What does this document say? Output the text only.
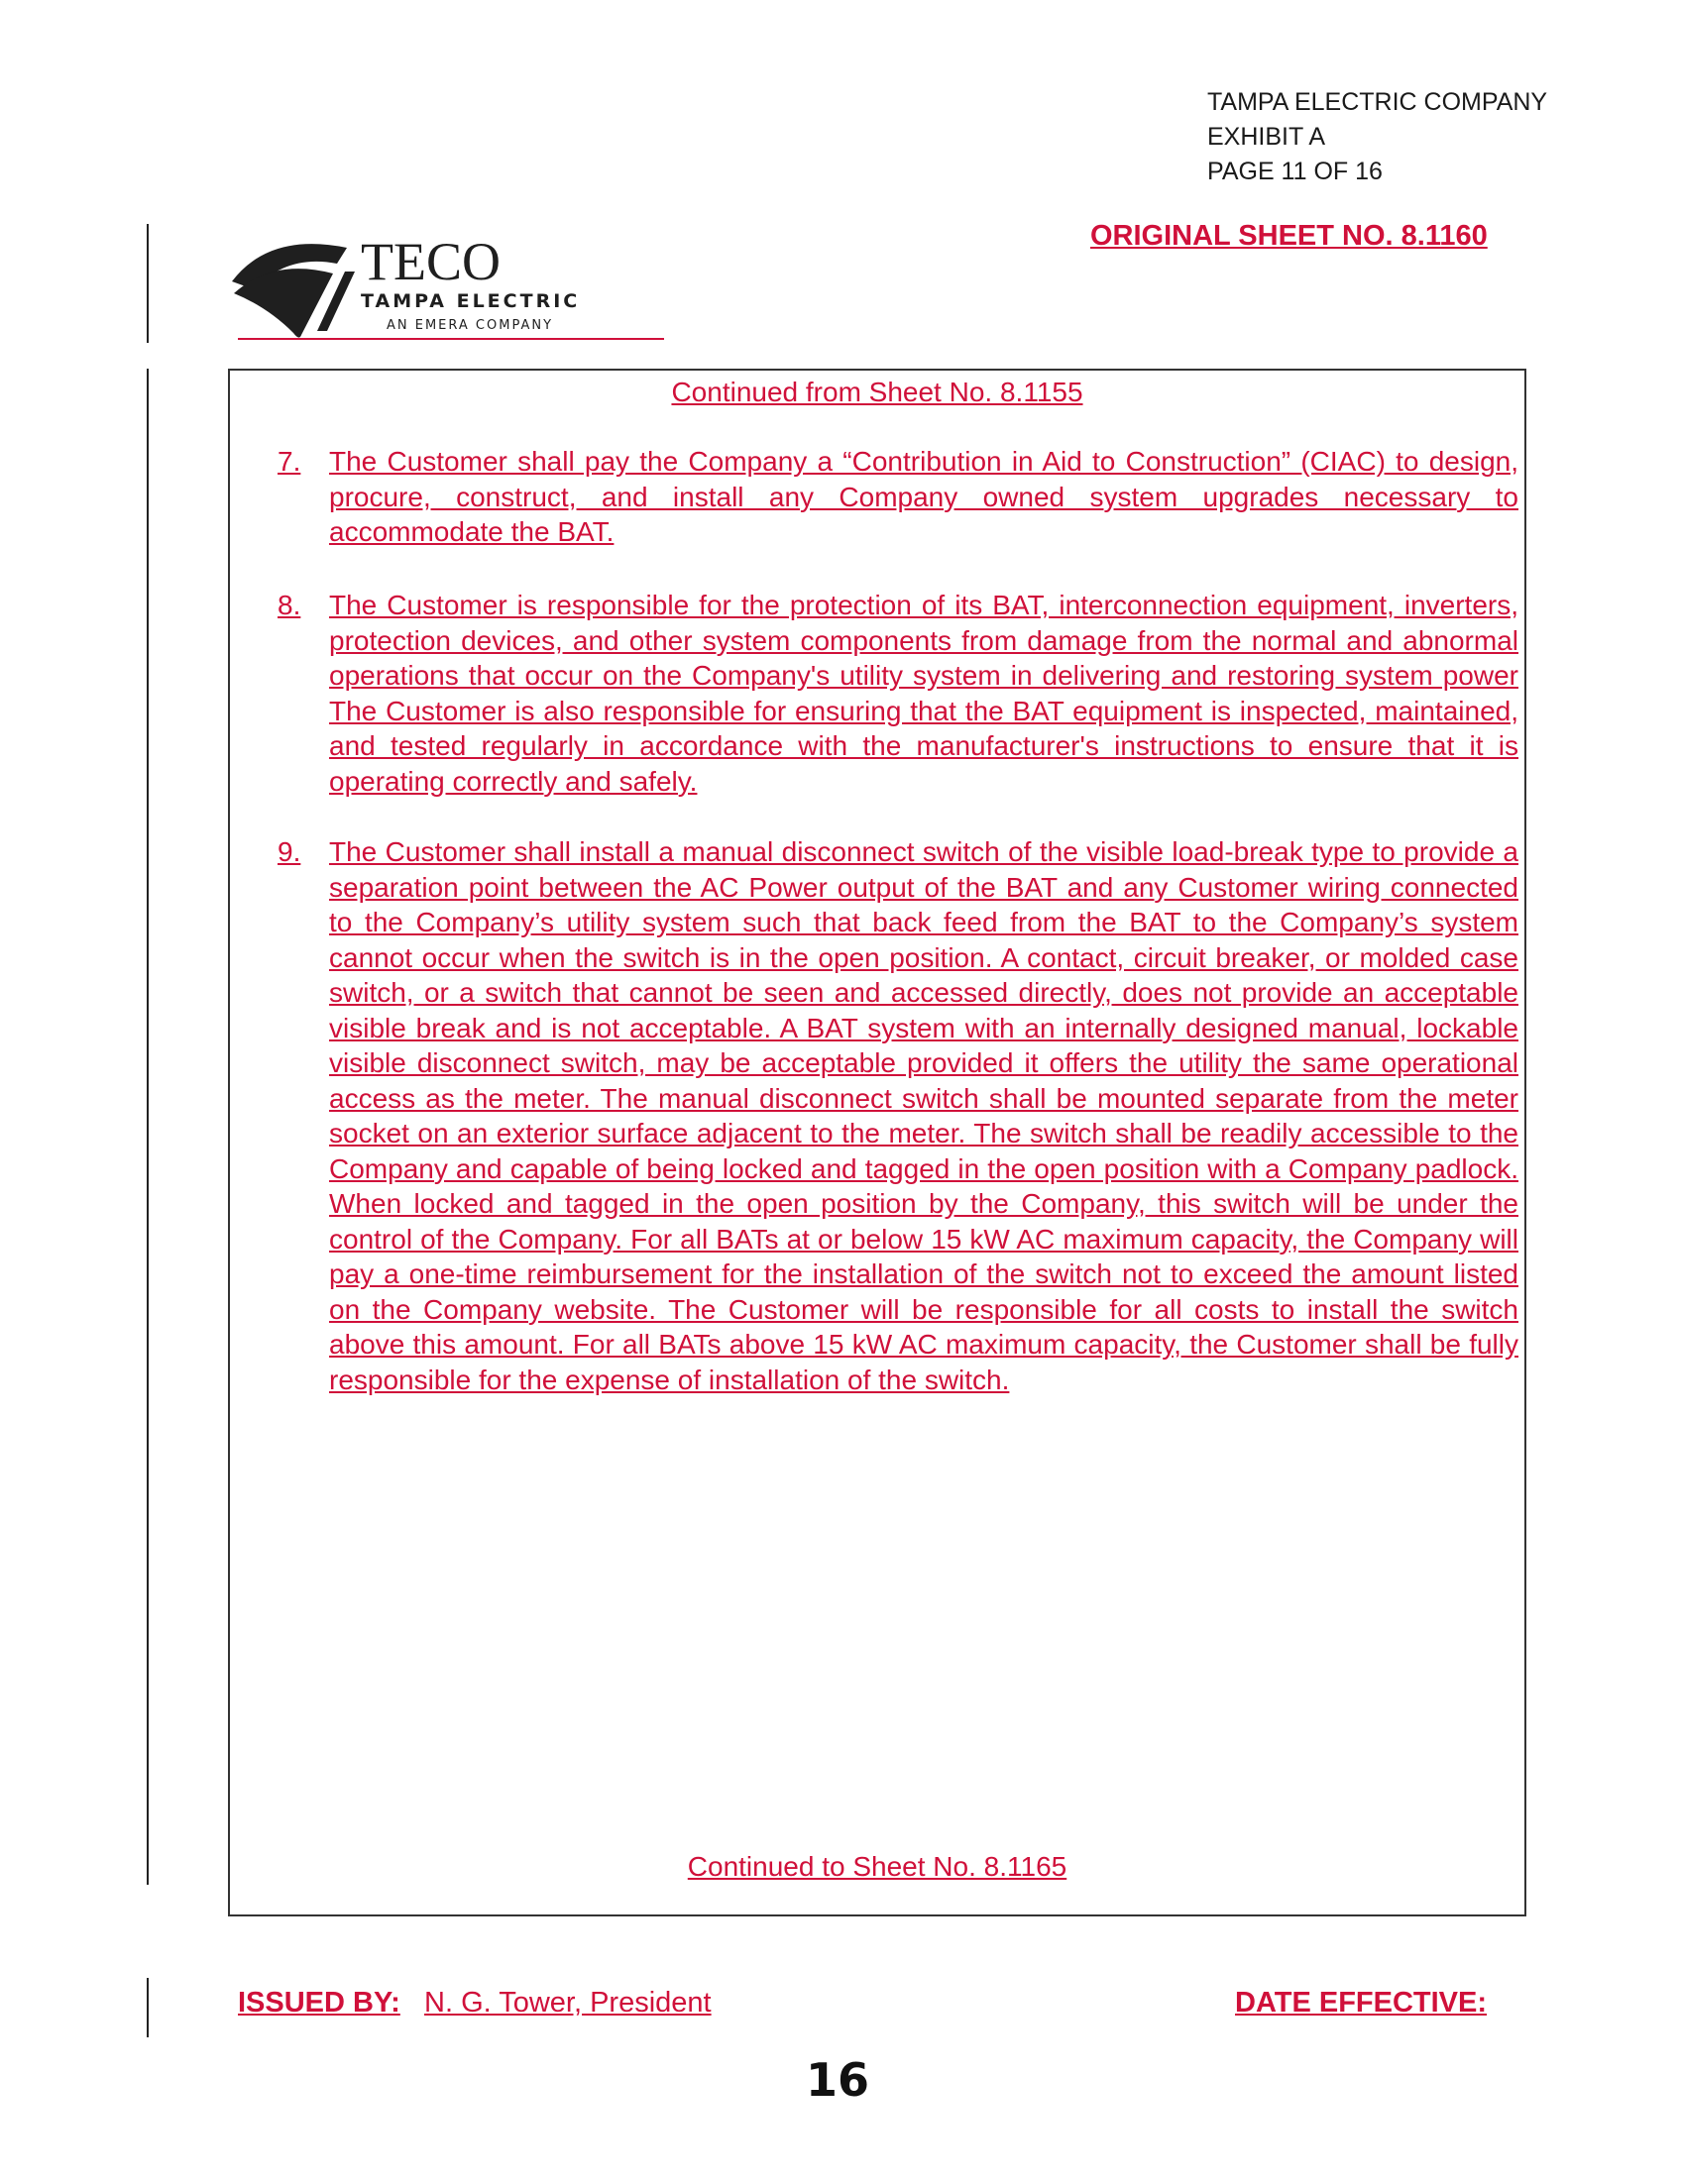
TAMPA ELECTRIC COMPANY
EXHIBIT A
PAGE 11 OF 16
ORIGINAL SHEET NO. 8.1160
TECO
TAMPA ELECTRIC
AN EMERA COMPANY
Continued from Sheet No. 8.1155
7.	The Customer shall pay the Company a “Contribution in Aid to Construction” (CIAC) to design, procure, construct, and install any Company owned system upgrades necessary to accommodate the BAT.
8.	The Customer is responsible for the protection of its BAT, interconnection equipment, inverters, protection devices, and other system components from damage from the normal and abnormal operations that occur on the Company's utility system in delivering and restoring system power The Customer is also responsible for ensuring that the BAT equipment is inspected, maintained, and tested regularly in accordance with the manufacturer's instructions to ensure that it is operating correctly and safely.
9.	The Customer shall install a manual disconnect switch of the visible load-break type to provide a separation point between the AC Power output of the BAT and any Customer wiring connected to the Company’s utility system such that back feed from the BAT to the Company’s system cannot occur when the switch is in the open position. A contact, circuit breaker, or molded case switch, or a switch that cannot be seen and accessed directly, does not provide an acceptable visible break and is not acceptable. A BAT system with an internally designed manual, lockable visible disconnect switch, may be acceptable provided it offers the utility the same operational access as the meter. The manual disconnect switch shall be mounted separate from the meter socket on an exterior surface adjacent to the meter. The switch shall be readily accessible to the Company and capable of being locked and tagged in the open position with a Company padlock. When locked and tagged in the open position by the Company, this switch will be under the control of the Company. For all BATs at or below 15 kW AC maximum capacity, the Company will pay a one-time reimbursement for the installation of the switch not to exceed the amount listed on the Company website. The Customer will be responsible for all costs to install the switch above this amount. For all BATs above 15 kW AC maximum capacity, the Customer shall be fully responsible for the expense of installation of the switch.
Continued to Sheet No. 8.1165
ISSUED BY: N. G. Tower, President	DATE EFFECTIVE:
16
